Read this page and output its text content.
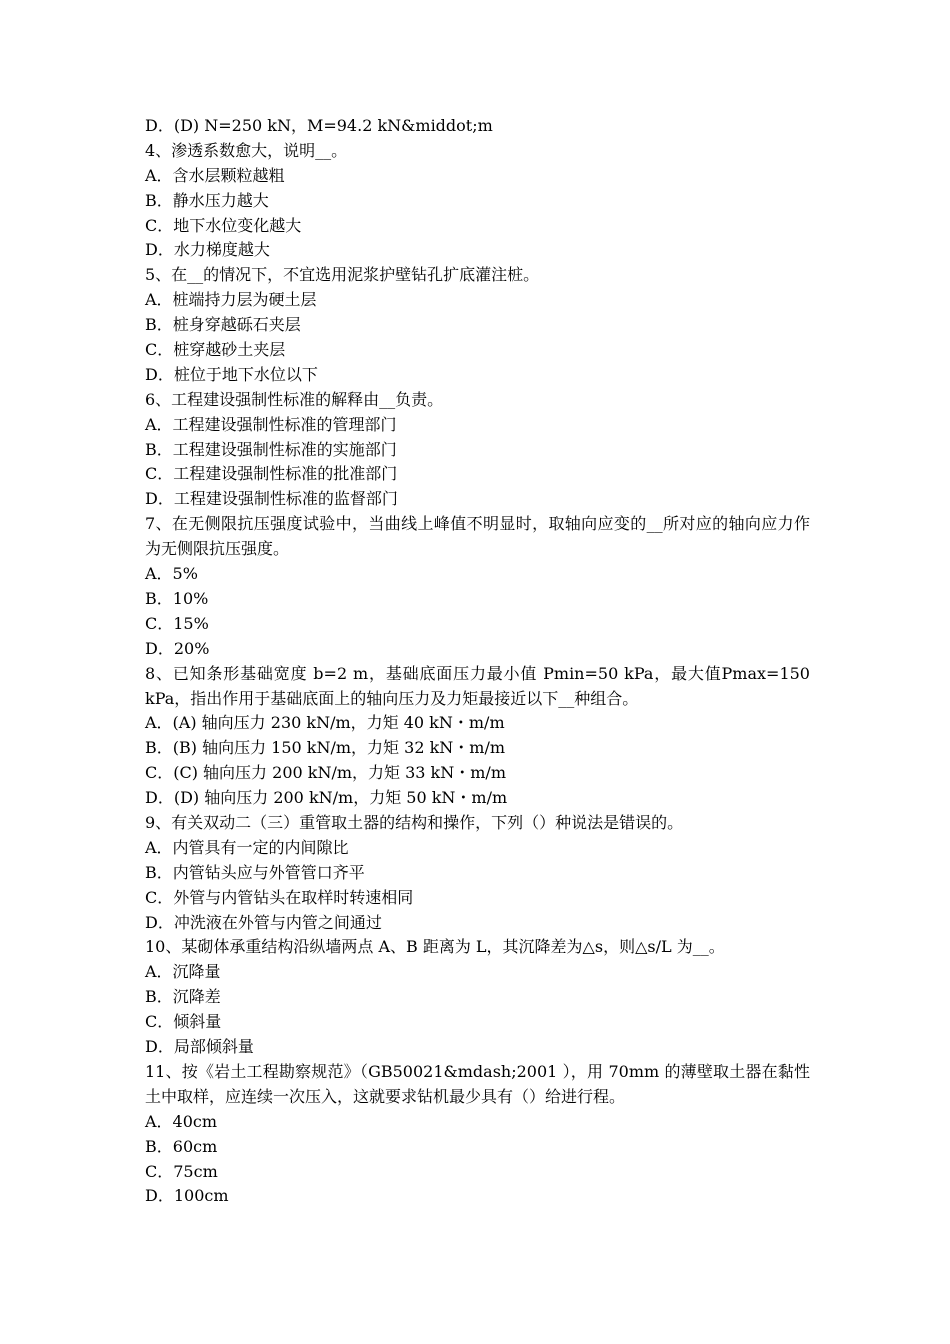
D．(D) N=250 kN，M=94.2 kN&middot;m
4、渗透系数愈大，说明__。
A．含水层颗粒越粗
B．静水压力越大
C．地下水位变化越大
D．水力梯度越大
5、在__的情况下，不宜选用泥浆护壁钻孔扩底灌注桩。
A．桩端持力层为硬土层
B．桩身穿越砾石夹层
C．桩穿越砂土夹层
D．桩位于地下水位以下
6、工程建设强制性标准的解释由__负责。
A．工程建设强制性标准的管理部门
B．工程建设强制性标准的实施部门
C．工程建设强制性标准的批准部门
D．工程建设强制性标准的监督部门
7、在无侧限抗压强度试验中，当曲线上峰值不明显时，取轴向应变的__所对应的轴向应力作为无侧限抗压强度。
A．5%
B．10%
C．15%
D．20%
8、已知条形基础宽度 b=2 m，基础底面压力最小值 Pmin=50 kPa，最大值Pmax=150 kPa，指出作用于基础底面上的轴向压力及力矩最接近以下__种组合。
A．(A) 轴向压力 230 kN/m，力矩 40 kN・m/m
B．(B) 轴向压力 150 kN/m，力矩 32 kN・m/m
C．(C) 轴向压力 200 kN/m，力矩 33 kN・m/m
D．(D) 轴向压力 200 kN/m，力矩 50 kN・m/m
9、有关双动二（三）重管取土器的结构和操作，下列（）种说法是错误的。
A．内管具有一定的内间隙比
B．内管钻头应与外管管口齐平
C．外管与内管钻头在取样时转速相同
D．冲洗液在外管与内管之间通过
10、某砌体承重结构沿纵墙两点 A、B 距离为 L，其沉降差为△s，则△s/L 为__。
A．沉降量
B．沉降差
C．倾斜量
D．局部倾斜量
11、按《岩土工程勘察规范》（GB50021&mdash;2001 ），用 70mm 的薄壁取土器在黏性土中取样，应连续一次压入，这就要求钻机最少具有（）给进行程。
A．40cm
B．60cm
C．75cm
D．100cm
